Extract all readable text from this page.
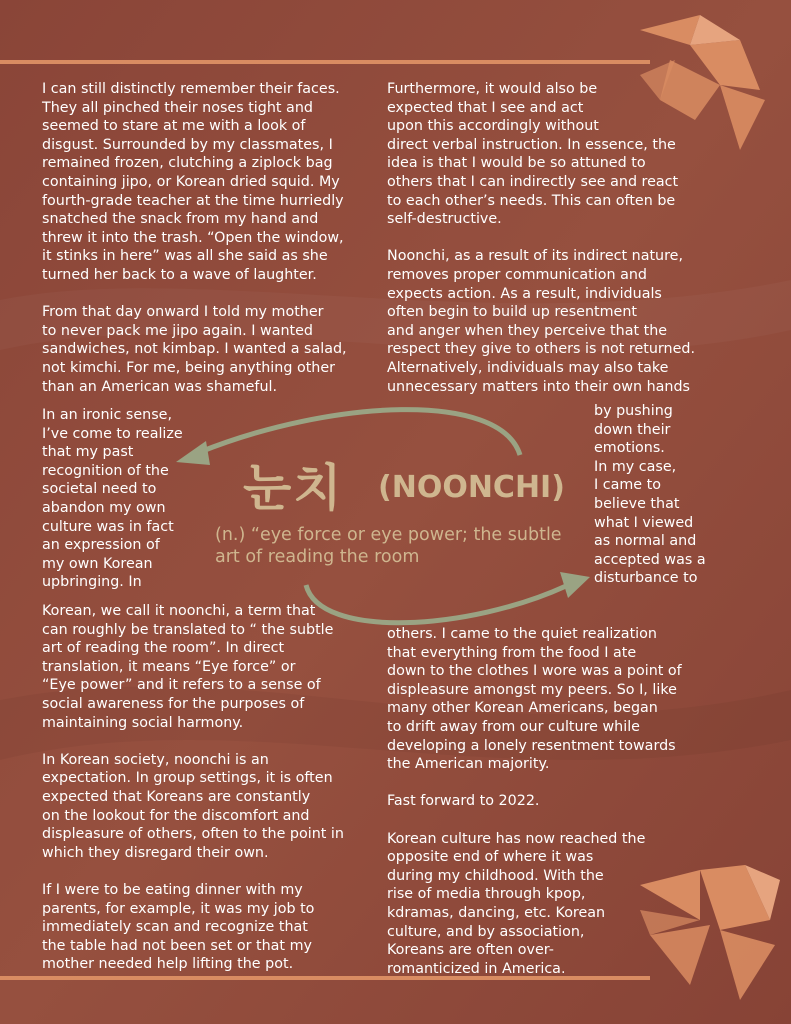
I can still distinctly remember their faces.
They all pinched their noses tight and
seemed to stare at me with a look of
disgust. Surrounded by my classmates, I
remained frozen, clutching a ziplock bag
containing jipo, or Korean dried squid. My
fourth-grade teacher at the time hurriedly
snatched the snack from my hand and
threw it into the trash. “Open the window,
it stinks in here” was all she said as she
turned her back to a wave of laughter.

From that day onward I told my mother
to never pack me jipo again. I wanted
sandwiches, not kimbap. I wanted a salad,
not kimchi. For me, being anything other
than an American was shameful.

In an ironic sense,
I’ve come to realize
that my past
recognition of the
societal need to
abandon my own
culture was in fact
an expression of
my own Korean
upbringing. In

Korean, we call it noonchi, a term that
can roughly be translated to “ the subtle
art of reading the room”. In direct
translation, it means “Eye force” or
“Eye power” and it refers to a sense of
social awareness for the purposes of
maintaining social harmony.

In Korean society, noonchi is an
expectation. In group settings, it is often
expected that Koreans are constantly
on the lookout for the discomfort and
displeasure of others, often to the point in
which they disregard their own.

If I were to be eating dinner with my
parents, for example, it was my job to
immediately scan and recognize that
the table had not been set or that my
mother needed help lifting the pot.

Furthermore, it would also be
expected that I see and act
upon this accordingly without
direct verbal instruction. In essence, the
idea is that I would be so attuned to
others that I can indirectly see and react
to each other’s needs. This can often be
self-destructive.

Noonchi, as a result of its indirect nature,
removes proper communication and
expects action. As a result, individuals
often begin to build up resentment
and anger when they perceive that the
respect they give to others is not returned.
Alternatively, individuals may also take
unnecessary matters into their own hands

by pushing
down their
emotions.
In my case,
I came to
believe that
what I viewed
as normal and
accepted was a
disturbance to

others. I came to the quiet realization
that everything from the food I ate
down to the clothes I wore was a point of
displeasure amongst my peers. So I, like
many other Korean Americans, began
to drift away from our culture while
developing a lonely resentment towards
the American majority.

Fast forward to 2022.

Korean culture has now reached the
opposite end of where it was
during my childhood. With the
rise of media through kpop,
kdramas, dancing, etc. Korean
culture, and by association,
Koreans are often over-
romanticized in America.

눈치 (NOONCHI)
(n.) “eye force or eye power; the subtle
art of reading the room
